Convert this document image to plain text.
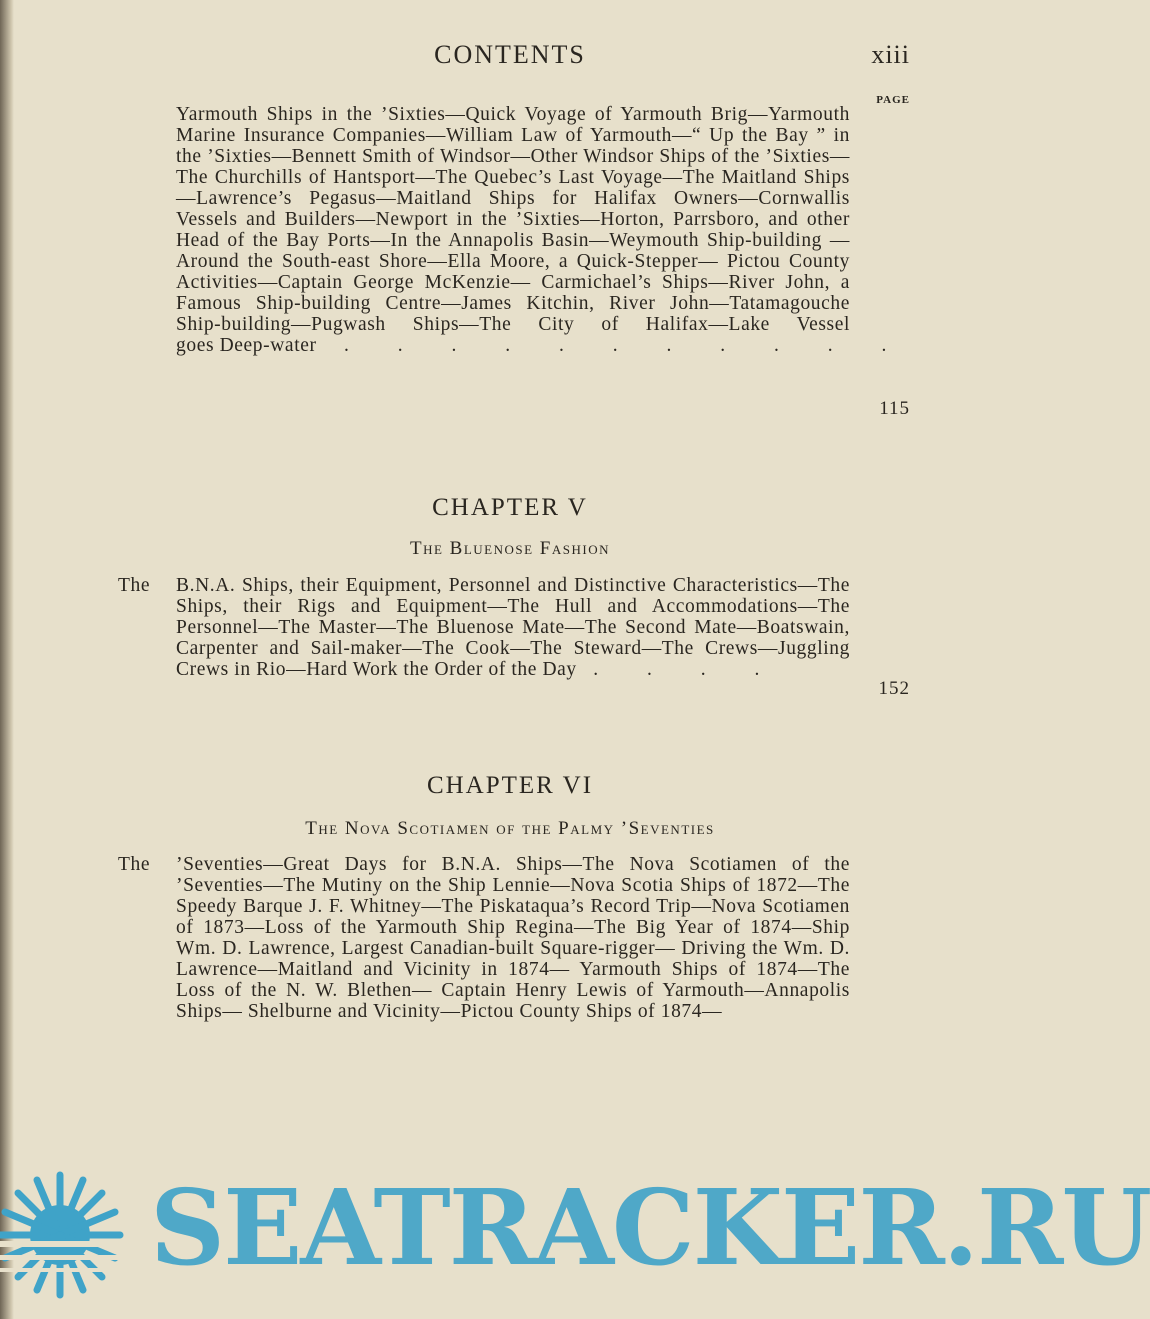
CONTENTS	xiii
PAGE
Yarmouth Ships in the ’Sixties—Quick Voyage of Yarmouth Brig—Yarmouth Marine Insurance Companies—William Law of Yarmouth—“ Up the Bay ” in the ’Sixties—Bennett Smith of Windsor—Other Windsor Ships of the ’Sixties—The Churchills of Hantsport—The Quebec’s Last Voyage—The Maitland Ships—Lawrence’s Pegasus—Maitland Ships for Halifax Owners—Cornwallis Vessels and Builders—Newport in the ’Sixties—Horton, Parrsboro, and other Head of the Bay Ports—In the Annapolis Basin—Weymouth Ship-building —Around the South-east Shore—Ella Moore, a Quick-Stepper— Pictou County Activities—Captain George McKenzie— Carmichael’s Ships—River John, a Famous Ship-building Centre—James Kitchin, River John—Tatamagouche Ship-building—Pugwash Ships—The City of Halifax—Lake Vessel goes Deep-water . . . . . . . . . . .
115
CHAPTER V
The Bluenose Fashion
The B.N.A. Ships, their Equipment, Personnel and Distinctive Characteristics—The Ships, their Rigs and Equipment—The Hull and Accommodations—The Personnel—The Master—The Bluenose Mate—The Second Mate—Boatswain, Carpenter and Sail-maker—The Cook—The Steward—The Crews—Juggling Crews in Rio—Hard Work the Order of the Day . . . .
152
CHAPTER VI
The Nova Scotiamen of the Palmy ’Seventies
The ’Seventies—Great Days for B.N.A. Ships—The Nova Scotiamen of the ’Seventies—The Mutiny on the Ship Lennie—Nova Scotia Ships of 1872—The Speedy Barque J. F. Whitney—The Piskataqua’s Record Trip—Nova Scotiamen of 1873—Loss of the Yarmouth Ship Regina—The Big Year of 1874—Ship Wm. D. Lawrence, Largest Canadian-built Square-rigger— Driving the Wm. D. Lawrence—Maitland and Vicinity in 1874— Yarmouth Ships of 1874—The Loss of the N. W. Blethen— Captain Henry Lewis of Yarmouth—Annapolis Ships— Shelburne and Vicinity—Pictou County Ships of 1874—
SEATRACKER.RU
